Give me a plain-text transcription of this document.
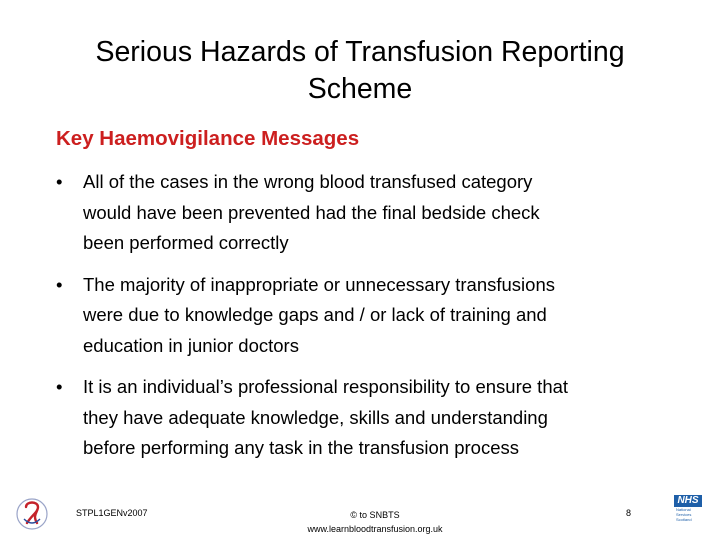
Serious Hazards of Transfusion Reporting
Scheme
Key Haemovigilance Messages
• All of the cases in the wrong blood transfused category
would have been prevented had the final bedside check
been performed correctly
• The majority of inappropriate or unnecessary transfusions
were due to knowledge gaps and / or lack of training and
education in junior doctors
• It is an individual’s professional responsibility to ensure that
they have adequate knowledge, skills and understanding
before performing any task in the transfusion process
STPL1GENv2007	© to SNBTS
www.learnbloodtransfusion.org.uk
8
NHS
National
Services
Scotland
